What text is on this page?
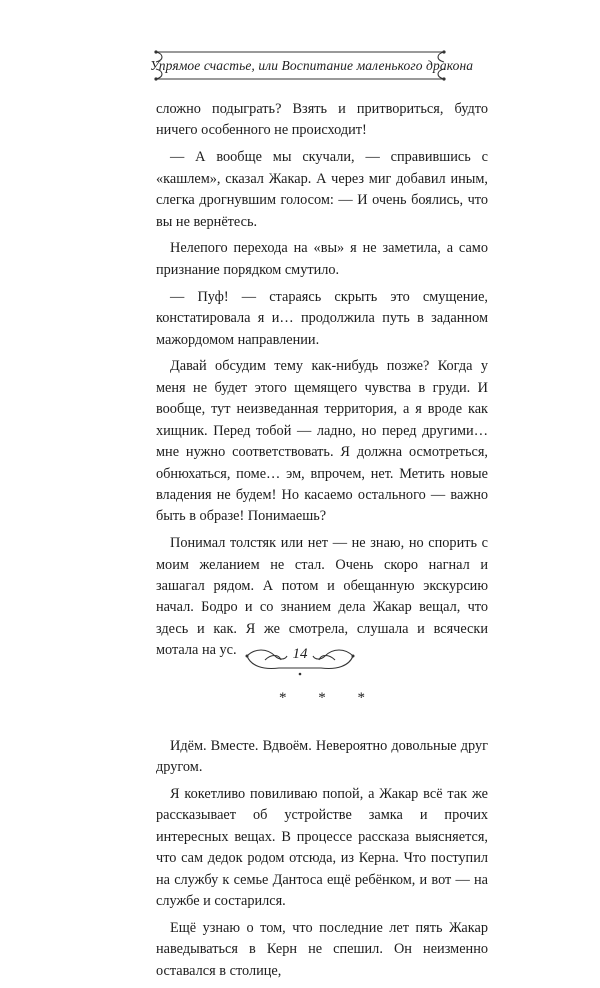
Упрямое счастье, или Воспитание маленького дракона

сложно подыграть? Взять и притвориться, будто ничего особенного не происходит!

— А вообще мы скучали, — справившись с «кашлем», сказал Жакар. А через миг добавил иным, слегка дрогнувшим голосом: — И очень боялись, что вы не вернётесь.

Нелепого перехода на «вы» я не заметила, а само признание порядком смутило.

— Пуф! — стараясь скрыть это смущение, констатировала я и… продолжила путь в заданном мажордомом направлении.

Давай обсудим тему как-нибудь позже? Когда у меня не будет этого щемящего чувства в груди. И вообще, тут неизведанная территория, а я вроде как хищник. Перед тобой — ладно, но перед другими… мне нужно соответствовать. Я должна осмотреться, обнюхаться, поме… эм, впрочем, нет. Метить новые владения не будем! Но касаемо остального — важно быть в образе! Понимаешь?

Понимал толстяк или нет — не знаю, но спорить с моим желанием не стал. Очень скоро нагнал и зашагал рядом. А потом и обещанную экскурсию начал. Бодро и со знанием дела Жакар вещал, что здесь и как. Я же смотрела, слушала и всячески мотала на ус.

* * *

Идём. Вместе. Вдвоём. Невероятно довольные друг другом.

Я кокетливо повиливаю попой, а Жакар всё так же рассказывает об устройстве замка и прочих интересных вещах. В процессе рассказа выясняется, что сам дедок родом отсюда, из Керна. Что поступил на службу к семье Дантоса ещё ребёнком, и вот — на службе и состарился.

Ещё узнаю о том, что последние лет пять Жакар наведываться в Керн не спешил. Он неизменно оставался в столице,

14
